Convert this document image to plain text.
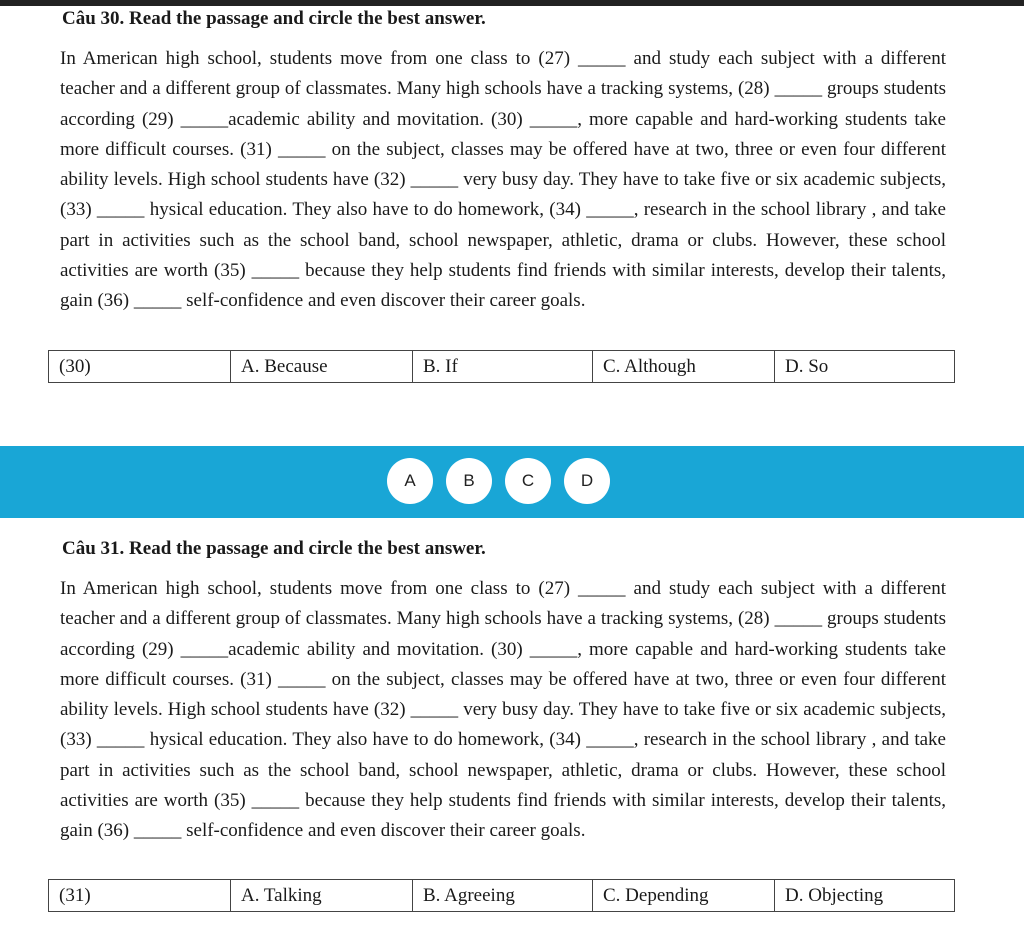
Câu 30. Read the passage and circle the best answer.
In American high school, students move from one class to (27) _____ and study each subject with a different teacher and a different group of classmates. Many high schools have a tracking systems, (28) _____ groups students according (29) _____academic ability and movitation. (30) _____, more capable and hard-working students take more difficult courses. (31) _____ on the subject, classes may be offered have at two, three or even four different ability levels. High school students have (32) _____ very busy day. They have to take five or six academic subjects, (33) _____ hysical education. They also have to do homework, (34) _____, research in the school library , and take part in activities such as the school band, school newspaper, athletic, drama or clubs. However, these school activities are worth (35) _____ because they help students find friends with similar interests, develop their talents, gain (36) _____ self-confidence and even discover their career goals.
(30)	A. Because	B. If	C. Although	D. So
A	B	C	D
Câu 31. Read the passage and circle the best answer.
In American high school, students move from one class to (27) _____ and study each subject with a different teacher and a different group of classmates. Many high schools have a tracking systems, (28) _____ groups students according (29) _____academic ability and movitation. (30) _____, more capable and hard-working students take more difficult courses. (31) _____ on the subject, classes may be offered have at two, three or even four different ability levels. High school students have (32) _____ very busy day. They have to take five or six academic subjects, (33) _____ hysical education. They also have to do homework, (34) _____, research in the school library , and take part in activities such as the school band, school newspaper, athletic, drama or clubs. However, these school activities are worth (35) _____ because they help students find friends with similar interests, develop their talents, gain (36) _____ self-confidence and even discover their career goals.
(31)	A. Talking	B. Agreeing	C. Depending	D. Objecting
